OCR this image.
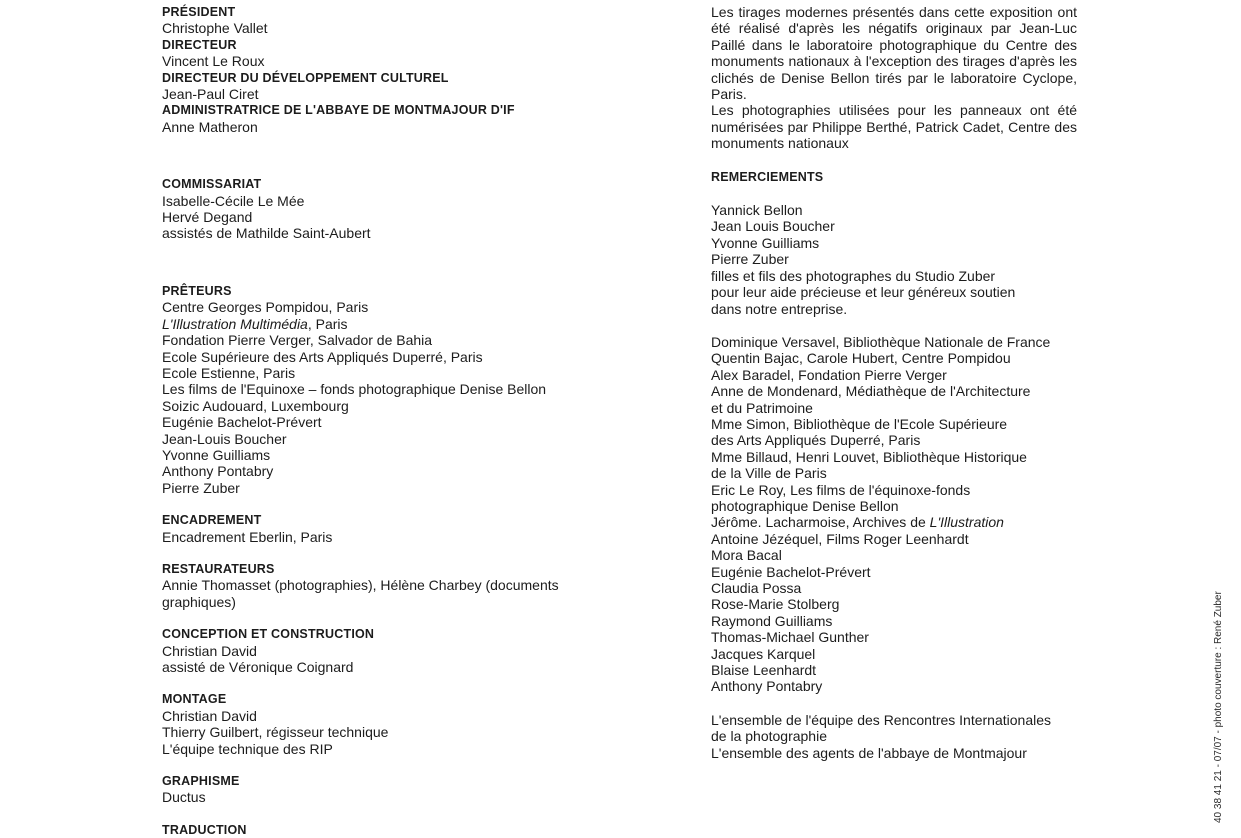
PRÉSIDENT
Christophe Vallet
DIRECTEUR
Vincent Le Roux
DIRECTEUR DU DÉVELOPPEMENT CULTUREL
Jean-Paul Ciret
ADMINISTRATRICE DE L'ABBAYE DE MONTMAJOUR D'IF
Anne Matheron
COMMISSARIAT
Isabelle-Cécile Le Mée
Hervé Degand
assistés de Mathilde Saint-Aubert
PRÊTEURS
Centre Georges Pompidou, Paris
L'Illustration Multimédia, Paris
Fondation Pierre Verger, Salvador de Bahia
Ecole Supérieure des Arts Appliqués Duperré, Paris
Ecole Estienne, Paris
Les films de l'Equinoxe – fonds photographique Denise Bellon
Soizic Audouard, Luxembourg
Eugénie Bachelot-Prévert
Jean-Louis Boucher
Yvonne Guilliams
Anthony Pontabry
Pierre Zuber
ENCADREMENT
Encadrement Eberlin, Paris
RESTAURATEURS
Annie Thomasset (photographies), Hélène Charbey (documents graphiques)
CONCEPTION ET CONSTRUCTION
Christian David
assisté de Véronique Coignard
MONTAGE
Christian David
Thierry Guilbert, régisseur technique
L'équipe technique des RIP
GRAPHISME
Ductus
TRADUCTION
Les tirages modernes présentés dans cette exposition ont été réalisé d'après les négatifs originaux par Jean-Luc Paillé dans le laboratoire photographique du Centre des monuments nationaux à l'exception des tirages d'après les clichés de Denise Bellon tirés par le laboratoire Cyclope, Paris.
Les photographies utilisées pour les panneaux ont été numérisées par Philippe Berthé, Patrick Cadet, Centre des monuments nationaux
REMERCIEMENTS
Yannick Bellon
Jean Louis Boucher
Yvonne Guilliams
Pierre Zuber
filles et fils des photographes du Studio Zuber
pour leur aide précieuse et leur généreux soutien
dans notre entreprise.
Dominique Versavel, Bibliothèque Nationale de France
Quentin Bajac, Carole Hubert, Centre Pompidou
Alex Baradel, Fondation Pierre Verger
Anne de Mondenard, Médiathèque de l'Architecture
et du Patrimoine
Mme Simon, Bibliothèque de l'Ecole Supérieure
des Arts Appliqués Duperré, Paris
Mme Billaud, Henri Louvet, Bibliothèque Historique
de la Ville de Paris
Eric Le Roy, Les films de l'équinoxe-fonds
photographique Denise Bellon
Jérôme. Lacharmoise, Archives de L'Illustration
Antoine Jézéquel, Films Roger Leenhardt
Mora Bacal
Eugénie Bachelot-Prévert
Claudia Possa
Rose-Marie Stolberg
Raymond Guilliams
Thomas-Michael Gunther
Jacques Karquel
Blaise Leenhardt
Anthony Pontabry
L'ensemble de l'équipe des Rencontres Internationales
de la photographie
L'ensemble des agents de l'abbaye de Montmajour	40 38 41 21 - 07/07 - photo couverture : René Zuber
